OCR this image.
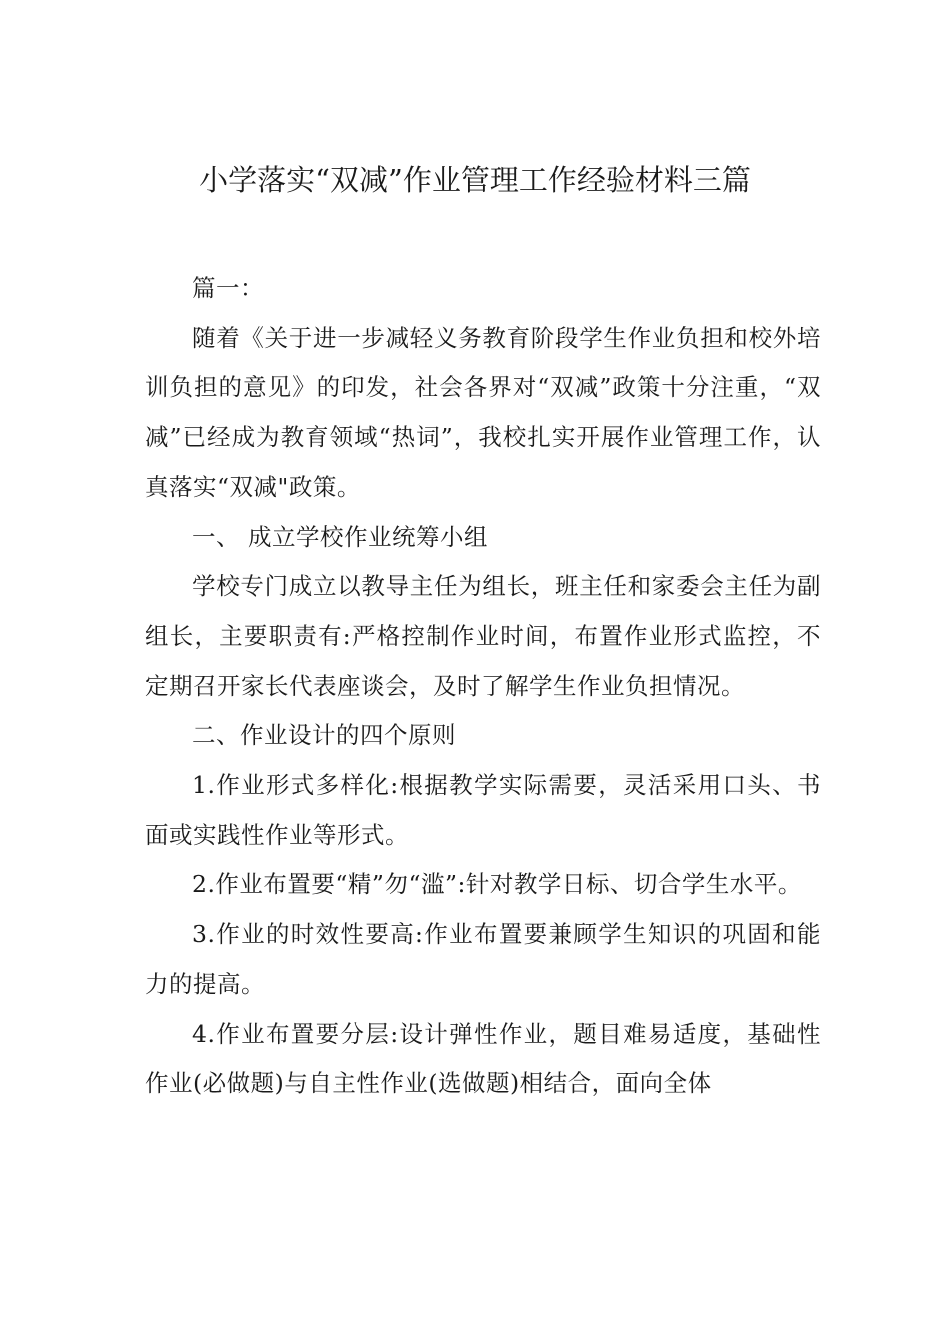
小学落实“双减”作业管理工作经验材料三篇

篇一：

随着《关于进一步减轻义务教育阶段学生作业负担和校外培训负担的意见》的印发，社会各界对“双减”政策十分注重，“双减”已经成为教育领域“热词”，我校扎实开展作业管理工作，认真落实“双减"政策。

一、 成立学校作业统筹小组

学校专门成立以教导主任为组长，班主任和家委会主任为副组长，主要职责有:严格控制作业时间，布置作业形式监控，不定期召开家长代表座谈会，及时了解学生作业负担情况。

二、作业设计的四个原则

1.作业形式多样化:根据教学实际需要，灵活采用口头、书面或实践性作业等形式。

2.作业布置要“精”勿“滥”:针对教学日标、切合学生水平。

3.作业的时效性要高:作业布置要兼顾学生知识的巩固和能力的提高。

4.作业布置要分层:设计弹性作业，题目难易适度，基础性作业(必做题)与自主性作业(选做题)相结合，面向全体
